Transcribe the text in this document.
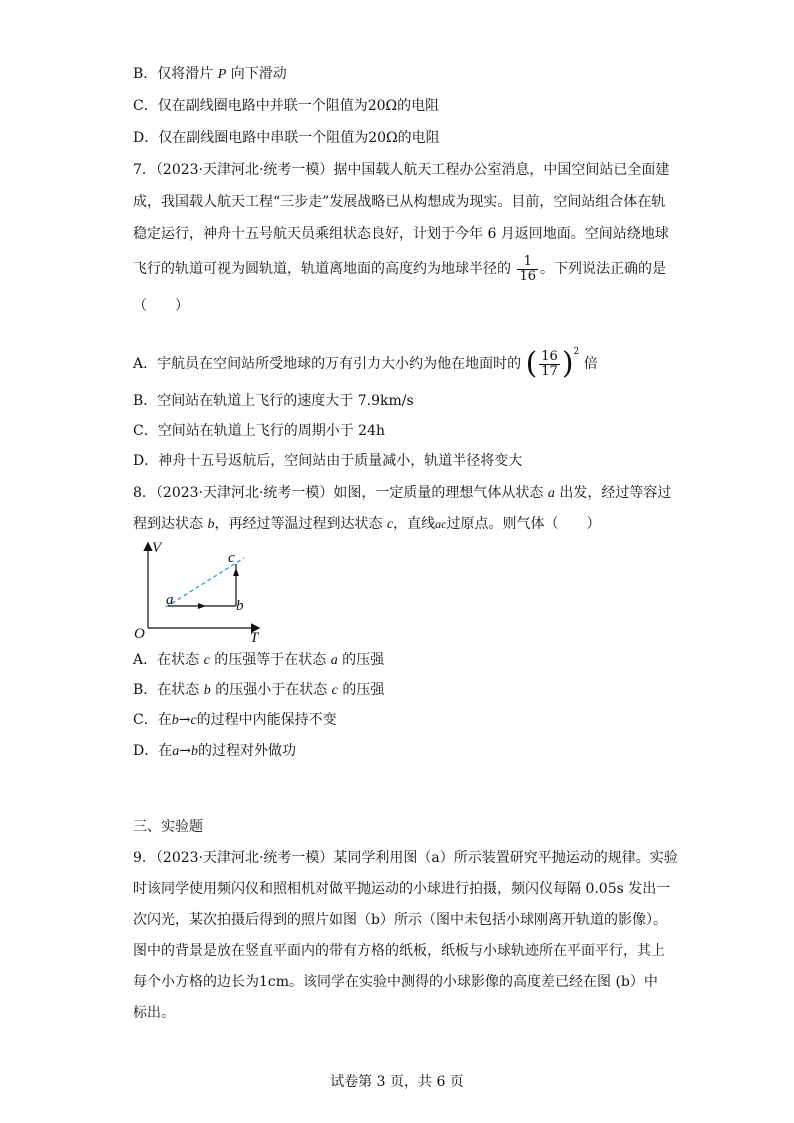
B．仅将滑片 P 向下滑动
C．仅在副线圈电路中并联一个阻值为20Ω的电阻
D．仅在副线圈电路中串联一个阻值为20Ω的电阻
7．（2023·天津河北·统考一模）据中国载人航天工程办公室消息，中国空间站已全面建
成，我国载人航天工程“三步走”发展战略已从构想成为现实。目前，空间站组合体在轨
稳定运行，神舟十五号航天员乘组状态良好，计划于今年 6 月返回地面。空间站绕地球
飞行的轨道可视为圆轨道，轨道离地面的高度约为地球半径的 $\frac{1}{16}$ 。下列说法正确的是
（　　）
A．宇航员在空间站所受地球的万有引力大小约为他在地面时的 ( $\frac{16}{17} )^2$ 倍
B．空间站在轨道上飞行的速度大于 7.9km/s
C．空间站在轨道上飞行的周期小于 24h
D．神舟十五号返航后，空间站由于质量减小，轨道半径将变大
8．（2023·天津河北·统考一模）如图，一定质量的理想气体从状态 a 出发，经过等容过
程到达状态 b，再经过等温过程到达状态 c，直线ac过原点。则气体（　　）
V
T
O
a	b
c
A．在状态 c 的压强等于在状态 a 的压强
B．在状态 b 的压强小于在状态 c 的压强
C．在b→c的过程中内能保持不变
D．在a→b的过程对外做功
三、实验题
9．（2023·天津河北·统考一模）某同学利用图（a）所示装置研究平抛运动的规律。实验
时该同学使用频闪仪和照相机对做平抛运动的小球进行拍摄，频闪仪每隔 0.05s 发出一
次闪光，某次拍摄后得到的照片如图（b）所示（图中未包括小球刚离开轨道的影像）。
图中的背景是放在竖直平面内的带有方格的纸板，纸板与小球轨迹所在平面平行，其上
每个小方格的边长为1cm。该同学在实验中测得的小球影像的高度差已经在图 (b）中
标出。
试卷第 3 页，共 6 页
